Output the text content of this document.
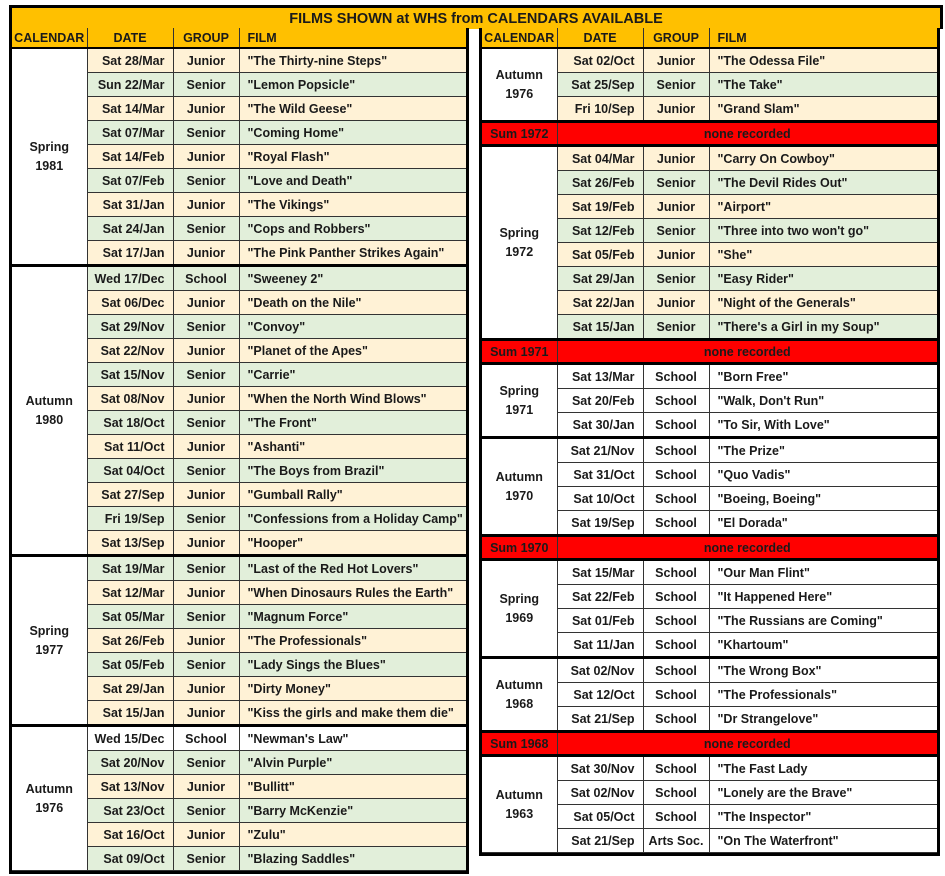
FILMS SHOWN at WHS from CALENDARS AVAILABLE
CALENDAR	DATE	GROUP	FILM

Spring
1981	Sat 28/Mar	Junior	"The Thirty-nine Steps"
	Sun 22/Mar	Senior	"Lemon Popsicle"
	Sat 14/Mar	Junior	"The Wild Geese"
	Sat 07/Mar	Senior	"Coming Home"
	Sat 14/Feb	Junior	"Royal Flash"
	Sat 07/Feb	Senior	"Love and Death"
	Sat 31/Jan	Junior	"The Vikings"
	Sat 24/Jan	Senior	"Cops and Robbers"
	Sat 17/Jan	Junior	"The Pink Panther Strikes Again"

Autumn
1980	Wed 17/Dec	School	"Sweeney 2"
	Sat 06/Dec	Junior	"Death on the Nile"
	Sat 29/Nov	Senior	"Convoy"
	Sat 22/Nov	Junior	"Planet of the Apes"
	Sat 15/Nov	Senior	"Carrie"
	Sat 08/Nov	Junior	"When the North Wind Blows"
	Sat 18/Oct	Senior	"The Front"
	Sat 11/Oct	Junior	"Ashanti"
	Sat 04/Oct	Senior	"The Boys from Brazil"
	Sat 27/Sep	Junior	"Gumball Rally"
	Fri 19/Sep	Senior	"Confessions from a Holiday Camp"
	Sat 13/Sep	Junior	"Hooper"

Spring
1977	Sat 19/Mar	Senior	"Last of the Red Hot Lovers"
	Sat 12/Mar	Junior	"When Dinosaurs Rules the Earth"
	Sat 05/Mar	Senior	"Magnum Force"
	Sat 26/Feb	Junior	"The Professionals"
	Sat 05/Feb	Senior	"Lady Sings the Blues"
	Sat 29/Jan	Junior	"Dirty Money"
	Sat 15/Jan	Junior	"Kiss the girls and make them die"

Autumn
1976	Wed 15/Dec	School	"Newman's Law"
	Sat 20/Nov	Senior	"Alvin Purple"
	Sat 13/Nov	Junior	"Bullitt"
	Sat 23/Oct	Senior	"Barry McKenzie"
	Sat 16/Oct	Junior	"Zulu"
	Sat 09/Oct	Senior	"Blazing Saddles"
CALENDAR	DATE	GROUP	FILM

Autumn
1976	Sat 02/Oct	Junior	"The Odessa File"
	Sat 25/Sep	Senior	"The Take"
	Fri 10/Sep	Junior	"Grand Slam"
Sum 1972	none recorded		

Spring
1972	Sat 04/Mar	Junior	"Carry On Cowboy"
	Sat 26/Feb	Senior	"The Devil Rides Out"
	Sat 19/Feb	Junior	"Airport"
	Sat 12/Feb	Senior	"Three into two won't go"
	Sat 05/Feb	Junior	"She"
	Sat 29/Jan	Senior	"Easy Rider"
	Sat 22/Jan	Junior	"Night of the Generals"
	Sat 15/Jan	Senior	"There's a Girl in my Soup"
Sum 1971	none recorded		

Spring
1971	Sat 13/Mar	School	"Born Free"
	Sat 20/Feb	School	"Walk, Don't Run"
	Sat 30/Jan	School	"To Sir, With Love"

Autumn
1970	Sat 21/Nov	School	"The Prize"
	Sat 31/Oct	School	"Quo Vadis"
	Sat 10/Oct	School	"Boeing, Boeing"
	Sat 19/Sep	School	"El Dorada"
Sum 1970	none recorded		

Spring
1969	Sat 15/Mar	School	"Our Man Flint"
	Sat 22/Feb	School	"It Happened Here"
	Sat 01/Feb	School	"The Russians are Coming"
	Sat 11/Jan	School	"Khartoum"

Autumn
1968	Sat 02/Nov	School	"The Wrong Box"
	Sat 12/Oct	School	"The Professionals"
	Sat 21/Sep	School	"Dr Strangelove"
Sum 1968	none recorded		

Autumn
1963	Sat 30/Nov	School	"The Fast Lady
	Sat 02/Nov	School	"Lonely are the Brave"
	Sat 05/Oct	School	"The Inspector"
	Sat 21/Sep	Arts Soc.	"On The Waterfront"
